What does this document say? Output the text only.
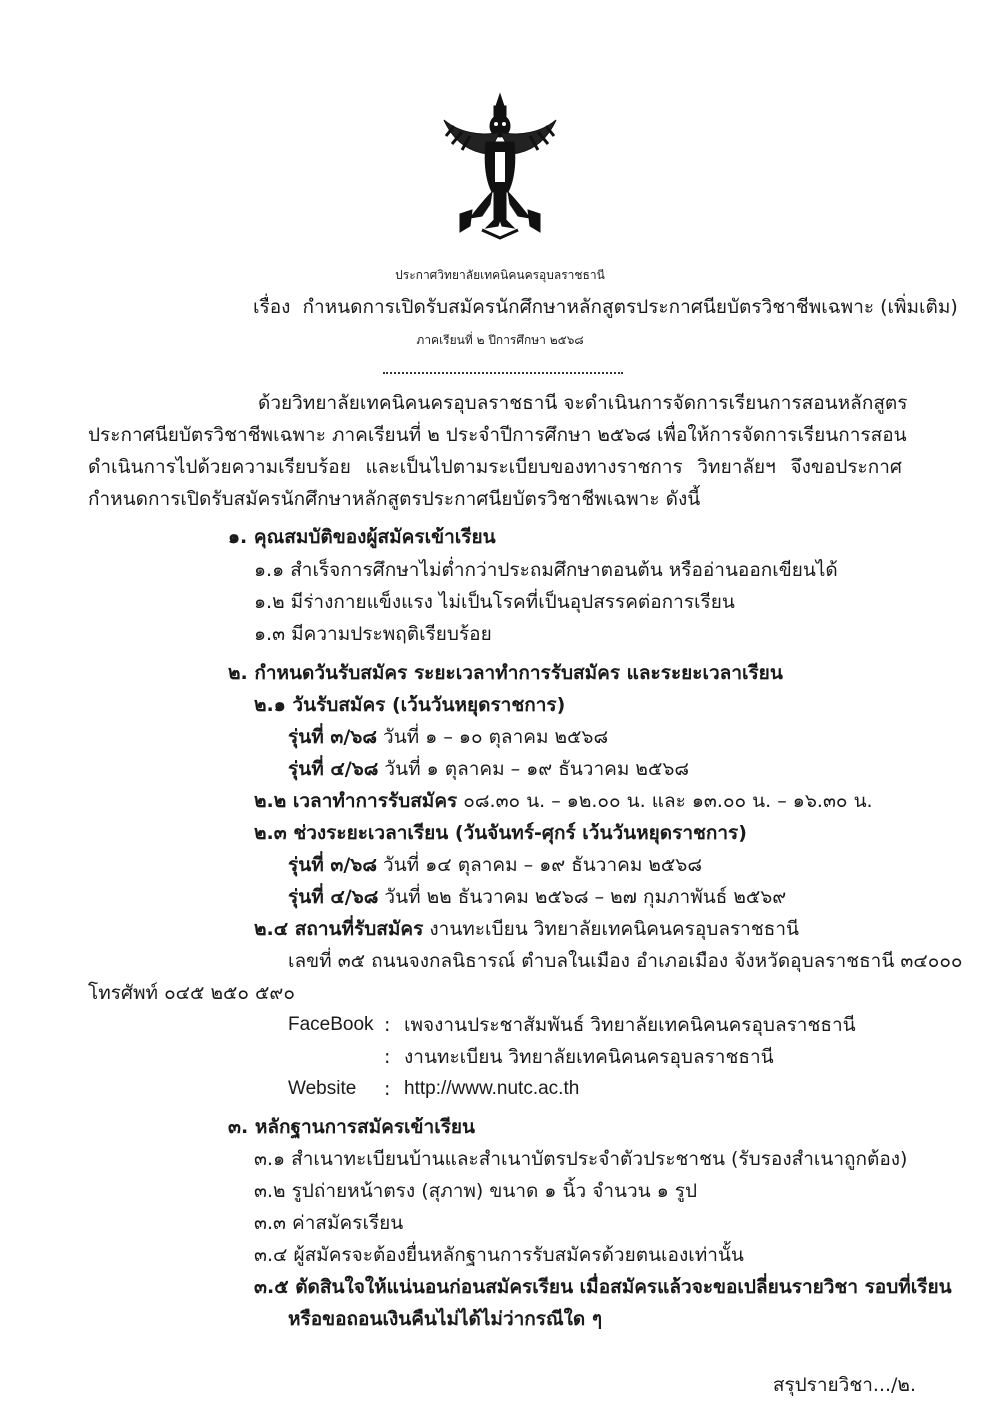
ประกาศวิทยาลัยเทคนิคนครอุบลราชธานี
เรื่อง กำหนดการเปิดรับสมัครนักศึกษาหลักสูตรประกาศนียบัตรวิชาชีพเฉพาะ (เพิ่มเติม)
ภาคเรียนที่ ๒ ปีการศึกษา ๒๕๖๘
ด้วยวิทยาลัยเทคนิคนครอุบลราชธานี จะดำเนินการจัดการเรียนการสอนหลักสูตร
ประกาศนียบัตรวิชาชีพเฉพาะ ภาคเรียนที่ ๒ ประจำปีการศึกษา ๒๕๖๘ เพื่อให้การจัดการเรียนการสอน
ดำเนินการไปด้วยความเรียบร้อย และเป็นไปตามระเบียบของทางราชการ วิทยาลัยฯ จึงขอประกาศ
กำหนดการเปิดรับสมัครนักศึกษาหลักสูตรประกาศนียบัตรวิชาชีพเฉพาะ ดังนี้
๑. คุณสมบัติของผู้สมัครเข้าเรียน
๑.๑ สำเร็จการศึกษาไม่ต่ำกว่าประถมศึกษาตอนต้น หรืออ่านออกเขียนได้
๑.๒ มีร่างกายแข็งแรง ไม่เป็นโรคที่เป็นอุปสรรคต่อการเรียน
๑.๓ มีความประพฤติเรียบร้อย
๒. กำหนดวันรับสมัคร ระยะเวลาทำการรับสมัคร และระยะเวลาเรียน
๒.๑ วันรับสมัคร (เว้นวันหยุดราชการ)
รุ่นที่ ๓/๖๘ วันที่ ๑ – ๑๐ ตุลาคม ๒๕๖๘
รุ่นที่ ๔/๖๘ วันที่ ๑ ตุลาคม – ๑๙ ธันวาคม ๒๕๖๘
๒.๒ เวลาทำการรับสมัคร ๐๘.๓๐ น. – ๑๒.๐๐ น. และ ๑๓.๐๐ น. – ๑๖.๓๐ น.
๒.๓ ช่วงระยะเวลาเรียน (วันจันทร์-ศุกร์ เว้นวันหยุดราชการ)
รุ่นที่ ๓/๖๘ วันที่ ๑๔ ตุลาคม – ๑๙ ธันวาคม ๒๕๖๘
รุ่นที่ ๔/๖๘ วันที่ ๒๒ ธันวาคม ๒๕๖๘ – ๒๗ กุมภาพันธ์ ๒๕๖๙
๒.๔ สถานที่รับสมัคร งานทะเบียน วิทยาลัยเทคนิคนครอุบลราชธานี
เลขที่ ๓๕ ถนนจงกลนิธารณ์ ตำบลในเมือง อำเภอเมือง จังหวัดอุบลราชธานี ๓๔๐๐๐
โทรศัพท์ ๐๔๕ ๒๕๐ ๕๙๐
FaceBook : เพจงานประชาสัมพันธ์ วิทยาลัยเทคนิคนครอุบลราชธานี
: งานทะเบียน วิทยาลัยเทคนิคนครอุบลราชธานี
Website : http://www.nutc.ac.th
๓. หลักฐานการสมัครเข้าเรียน
๓.๑ สำเนาทะเบียนบ้านและสำเนาบัตรประจำตัวประชาชน (รับรองสำเนาถูกต้อง)
๓.๒ รูปถ่ายหน้าตรง (สุภาพ) ขนาด ๑ นิ้ว จำนวน ๑ รูป
๓.๓ ค่าสมัครเรียน
๓.๔ ผู้สมัครจะต้องยื่นหลักฐานการรับสมัครด้วยตนเองเท่านั้น
๓.๕ ตัดสินใจให้แน่นอนก่อนสมัครเรียน เมื่อสมัครแล้วจะขอเปลี่ยนรายวิชา รอบที่เรียน
หรือขอถอนเงินคืนไม่ได้ไม่ว่ากรณีใด ๆ
สรุปรายวิชา.../๒.
